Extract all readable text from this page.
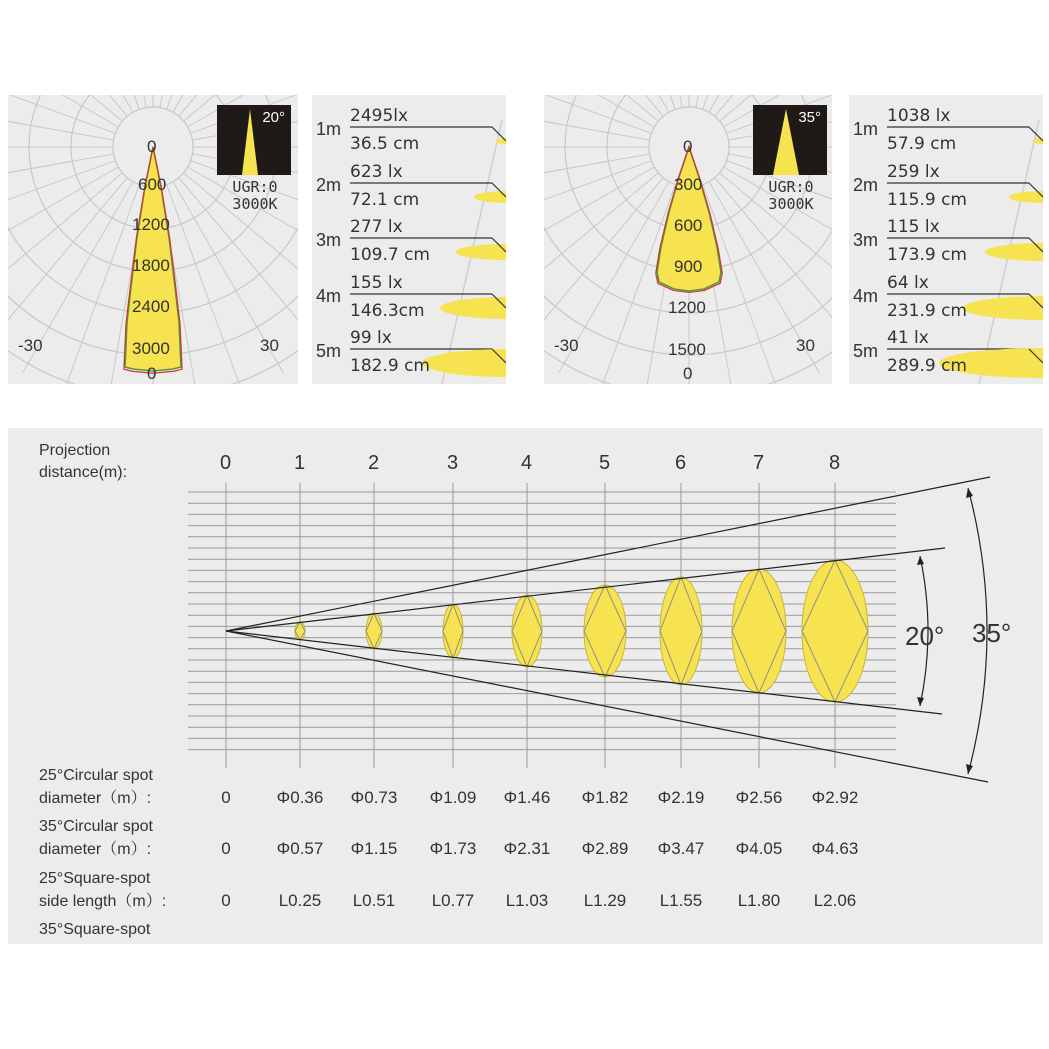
0
600
1200
1800
2400
3000
-30	30
0
20°
UGR:0
3000K
1m
2495lx
36.5 cm
2m
623 lx
72.1 cm
3m
277 lx
109.7 cm
4m
155 lx
146.3cm
5m
99 lx
182.9 cm
0
300
600
900
1200
1500
-30	30
0
35°
UGR:0
3000K
1m
1038 lx
57.9 cm
2m
259 lx
115.9 cm
3m
115 lx
173.9 cm
4m
64 lx
231.9 cm
5m
41 lx
289.9 cm
Projection
distance(m):	0	1	2	3	4	5	6	7	8
20° 35°
25°Circular spot
diameter（m）:	0	Φ0.36	Φ0.73	Φ1.09	Φ1.46	Φ1.82	Φ2.19	Φ2.56	Φ2.92
35°Circular spot
diameter（m）:	0	Φ0.57	Φ1.15	Φ1.73	Φ2.31	Φ2.89	Φ3.47	Φ4.05	Φ4.63
25°Square-spot
side length（m）:	0	L0.25	L0.51	L0.77	L1.03	L1.29	L1.55	L1.80	L2.06
35°Square-spot
